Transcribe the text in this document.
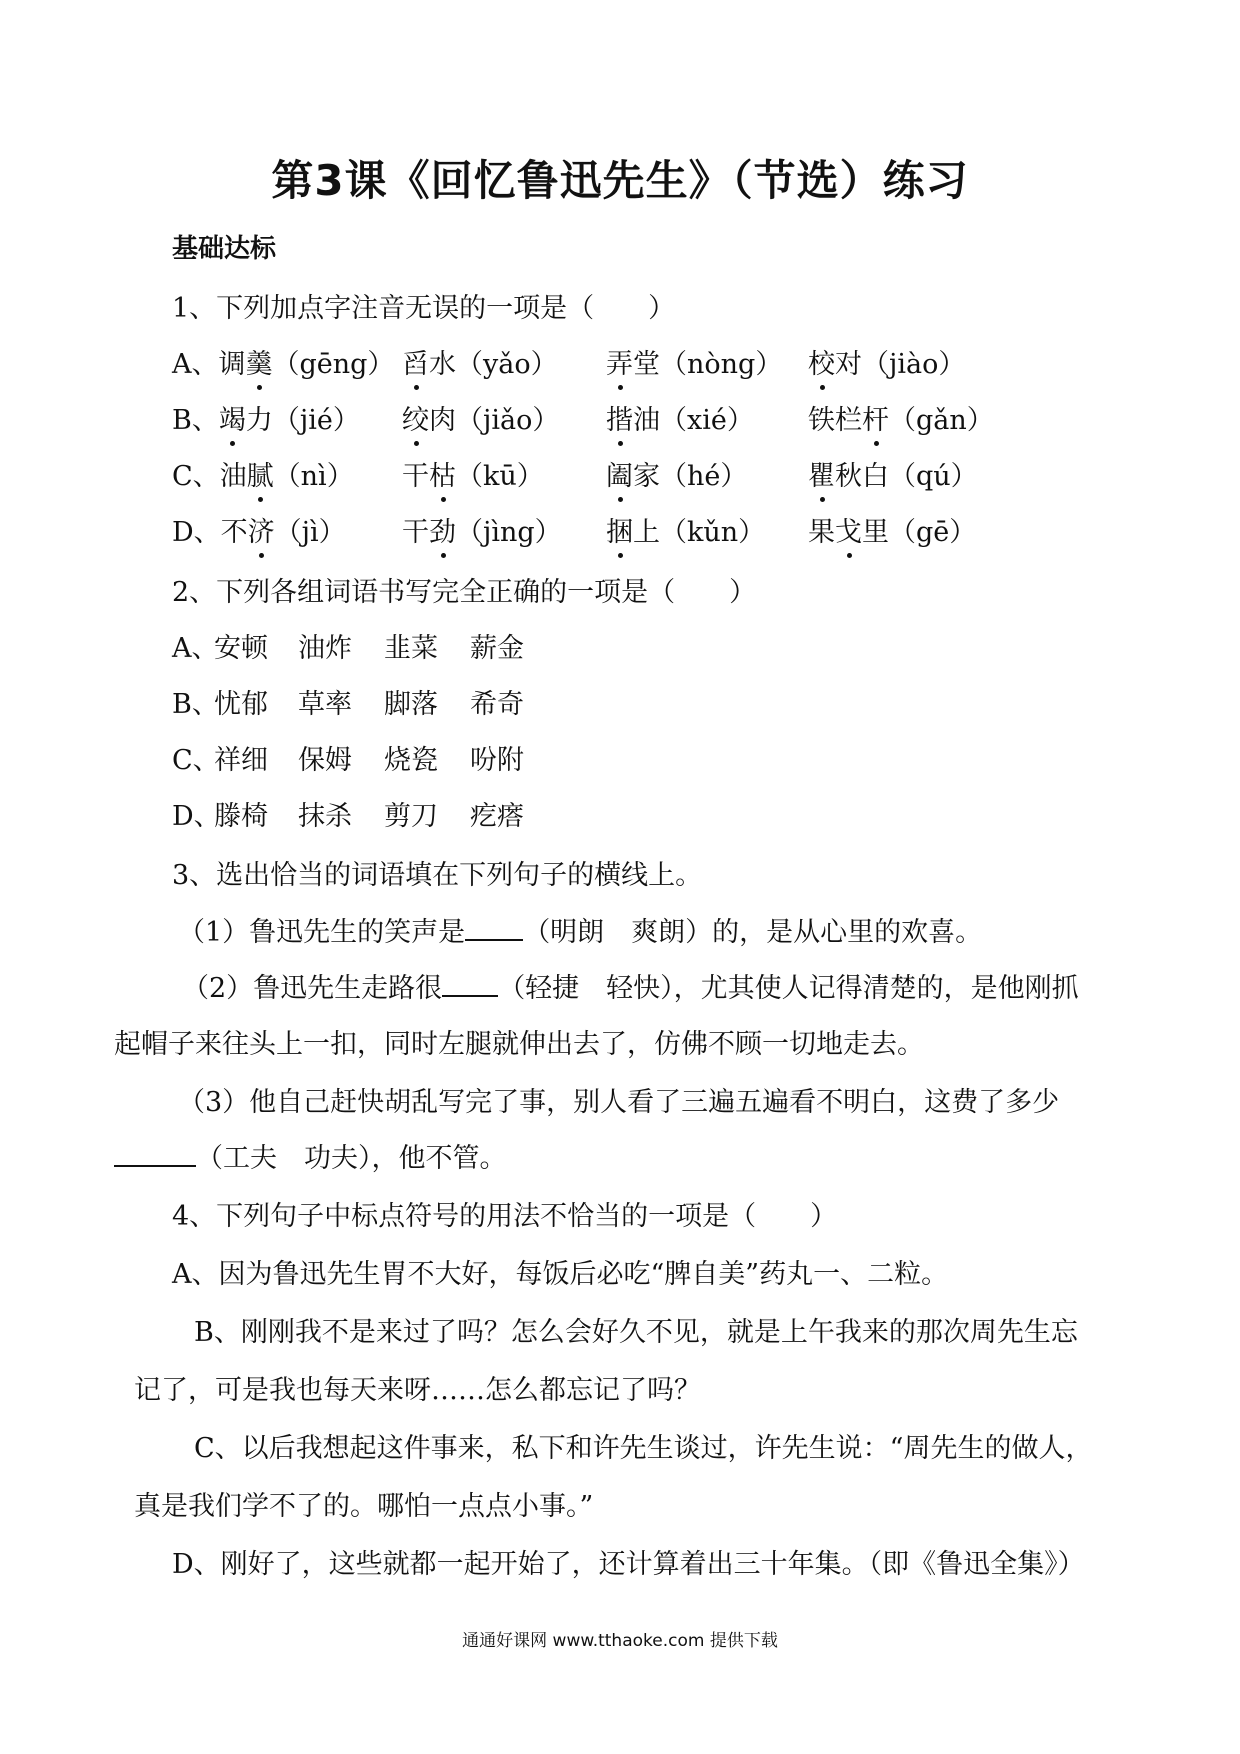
第3课《回忆鲁迅先生》（节选）练习
基础达标
1、下列加点字注音无误的一项是（　　）
A、调羹（gēng） 舀水（yǎo） 弄堂（nòng） 校对（jiào）
B、竭力（jié） 绞肉（jiǎo） 揩油（xié） 铁栏杆（gǎn）
C、油腻（nì） 干枯（kū） 阖家（hé） 瞿秋白（qú）
D、不济（jì） 干劲（jìng） 捆上（kǔn） 果戈里（gē）
2、下列各组词语书写完全正确的一项是（　　）
A、
安顿 油炸 韭菜 薪金
B、
忧郁 草率 脚落 希奇
C、
祥细 保姆 烧瓷 吩附
D、
滕椅 抹杀 剪刀 疙瘩
3、选出恰当的词语填在下列句子的横线上。
（1）鲁迅先生的笑声是 （明朗　爽朗）的，是从心里的欢喜。
（2）鲁迅先生走路很 （轻捷　轻快），尤其使人记得清楚的，是他刚抓
起帽子来往头上一扣，同时左腿就伸出去了，仿佛不顾一切地走去。
（3）他自己赶快胡乱写完了事，别人看了三遍五遍看不明白，这费了多少
（工夫　功夫），他不管。
4、下列句子中标点符号的用法不恰当的一项是（　　）
A、因为鲁迅先生胃不大好，每饭后必吃“脾自美”药丸一、二粒。
B、刚刚我不是来过了吗？怎么会好久不见，就是上午我来的那次周先生忘
记了，可是我也每天来呀……怎么都忘记了吗？
C、以后我想起这件事来，私下和许先生谈过，许先生说：“周先生的做人，
真是我们学不了的。哪怕一点点小事。”
D、刚好了，这些就都一起开始了，还计算着出三十年集。（即《鲁迅全集》）
通通好课网 www.tthaoke.com 提供下载
